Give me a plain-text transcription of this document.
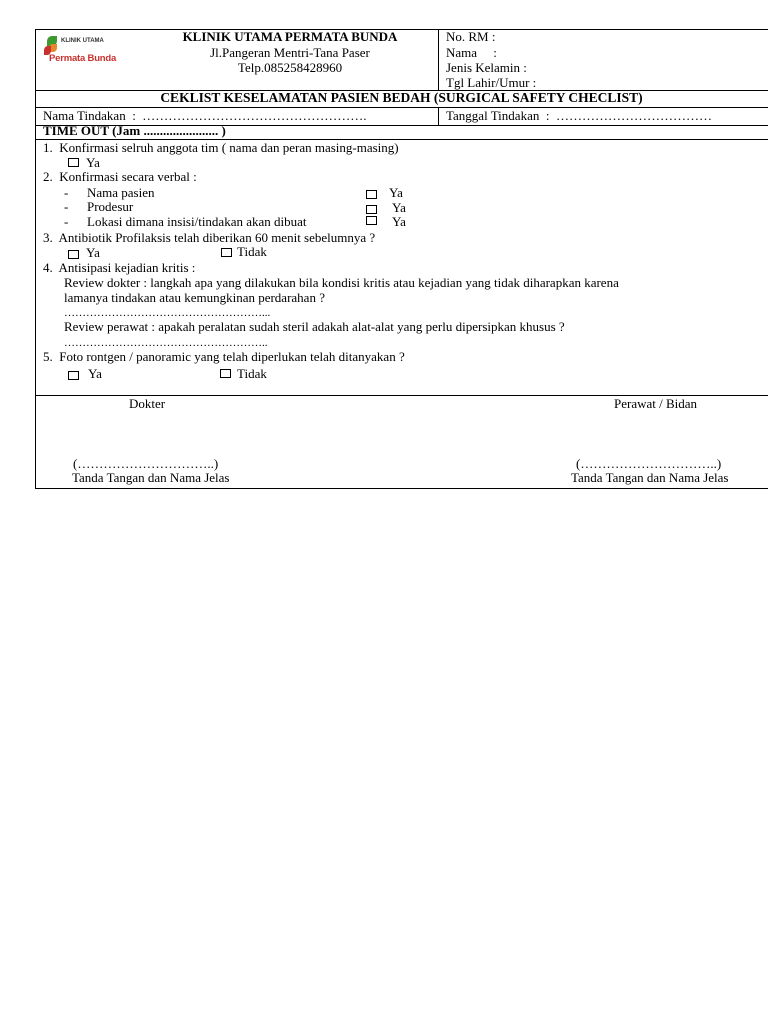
KLINIK UTAMA
Permata Bunda
KLINIK UTAMA PERMATA BUNDA
Jl.Pangeran Mentri-Tana Paser
Telp.085258428960
No. RM :
Nama     :
Jenis Kelamin :
Tgl Lahir/Umur :
CEKLIST KESELAMATAN PASIEN BEDAH (SURGICAL SAFETY CHECLIST)
Nama Tindakan  :  …………………………………………….	Tanggal Tindakan  :  ………………………………
TIME OUT (Jam ....................... )
1.  Konfirmasi selruh anggota tim ( nama dan peran masing-masing)
Ya
2.  Konfirmasi secara verbal :
- Nama pasien	Ya
- Prodesur	Ya
- Lokasi dimana insisi/tindakan akan dibuat	Ya
3.  Antibiotik Profilaksis telah diberikan 60 menit sebelumnya ?
Ya	Tidak
4.  Antisipasi kejadian kritis :
Review dokter : langkah apa yang dilakukan bila kondisi kritis atau kejadian yang tidak diharapkan karena
lamanya tindakan atau kemungkinan perdarahan ?
………………………………………………...
Review perawat : apakah peralatan sudah steril adakah alat-alat yang perlu dipersipkan khusus ?
………………………………………………..
5.  Foto rontgen / panoramic yang telah diperlukan telah ditanyakan ?
Ya	Tidak
Dokter	Perawat / Bidan
(…………………………..)	(…………………………..)
Tanda Tangan dan Nama Jelas	Tanda Tangan dan Nama Jelas
